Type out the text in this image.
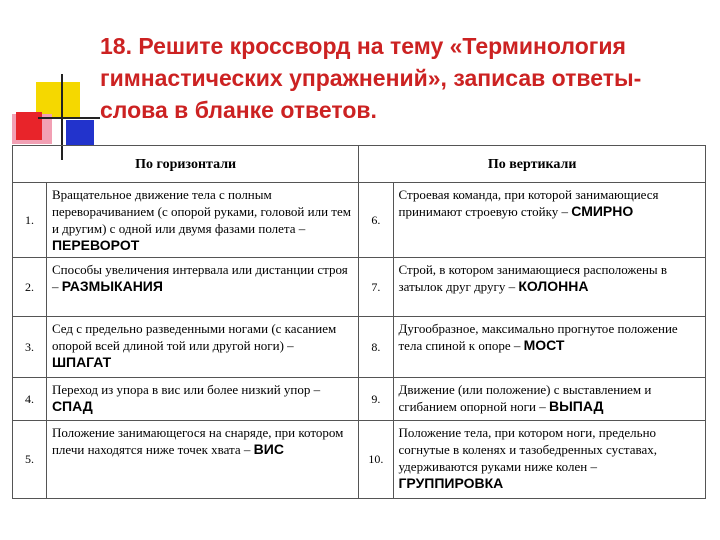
18. Решите кроссворд на тему «Терминология гимнастических упражнений», записав ответы-слова в бланке ответов.
По горизонтали		По вертикали	
1.	Вращательное движение тела с полным переворачиванием (с опорой руками, головой или тем и другим) с одной или двумя фазами полета – ПЕРЕВОРОТ	6.	Строевая команда, при которой занимающиеся принимают строевую стойку – СМИРНО
2.	Способы увеличения интервала или дистанции строя – РАЗМЫКАНИЯ	7.	Строй, в котором занимающиеся расположены в затылок друг другу – КОЛОННА
3.	Сед с предельно разведенными ногами (с касанием опорой всей длиной той или другой ноги) – ШПАГАТ	8.	Дугообразное, максимально прогнутое положение тела спиной к опоре – МОСТ
4.	Переход из упора в вис или более низкий упор – СПАД	9.	Движение (или положение) с выставлением и сгибанием опорной ноги – ВЫПАД
5.	Положение занимающегося на снаряде, при котором плечи находятся ниже точек хвата – ВИС	10.	Положение тела, при котором ноги, предельно согнутые в коленях и тазобедренных суставах, удерживаются руками ниже колен – ГРУППИРОВКА
